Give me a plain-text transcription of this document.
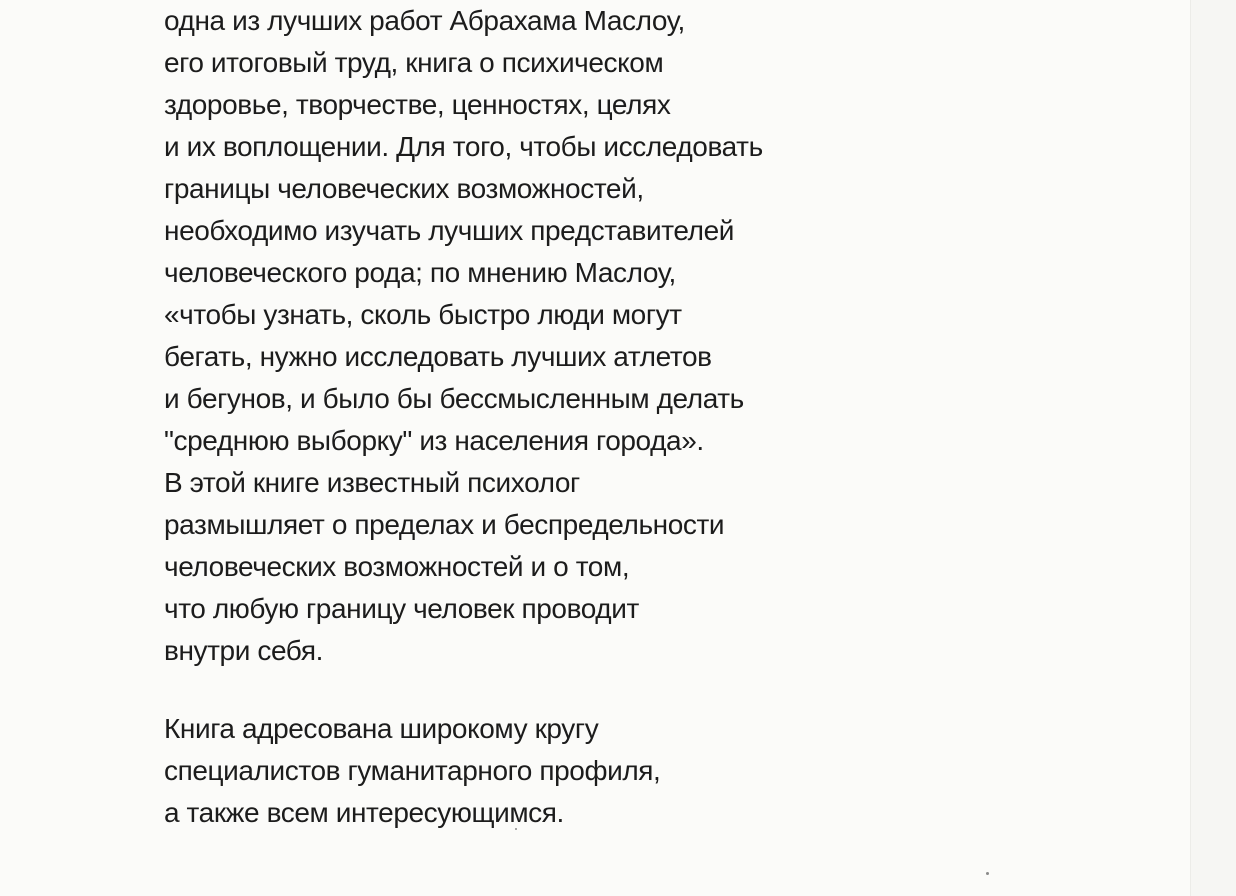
одна из лучших работ Абрахама Маслоу,
его итоговый труд, книга о психическом
здоровье, творчестве, ценностях, целях
и их воплощении. Для того, чтобы исследовать
границы человеческих возможностей,
необходимо изучать лучших представителей
человеческого рода; по мнению Маслоу,
«чтобы узнать, сколь быстро люди могут
бегать, нужно исследовать лучших атлетов
и бегунов, и было бы бессмысленным делать
"среднюю выборку" из населения города».
В этой книге известный психолог
размышляет о пределах и беспредельности
человеческих возможностей и о том,
что любую границу человек проводит
внутри себя.
Книга адресована широкому кругу
специалистов гуманитарного профиля,
а также всем интересующимся.
